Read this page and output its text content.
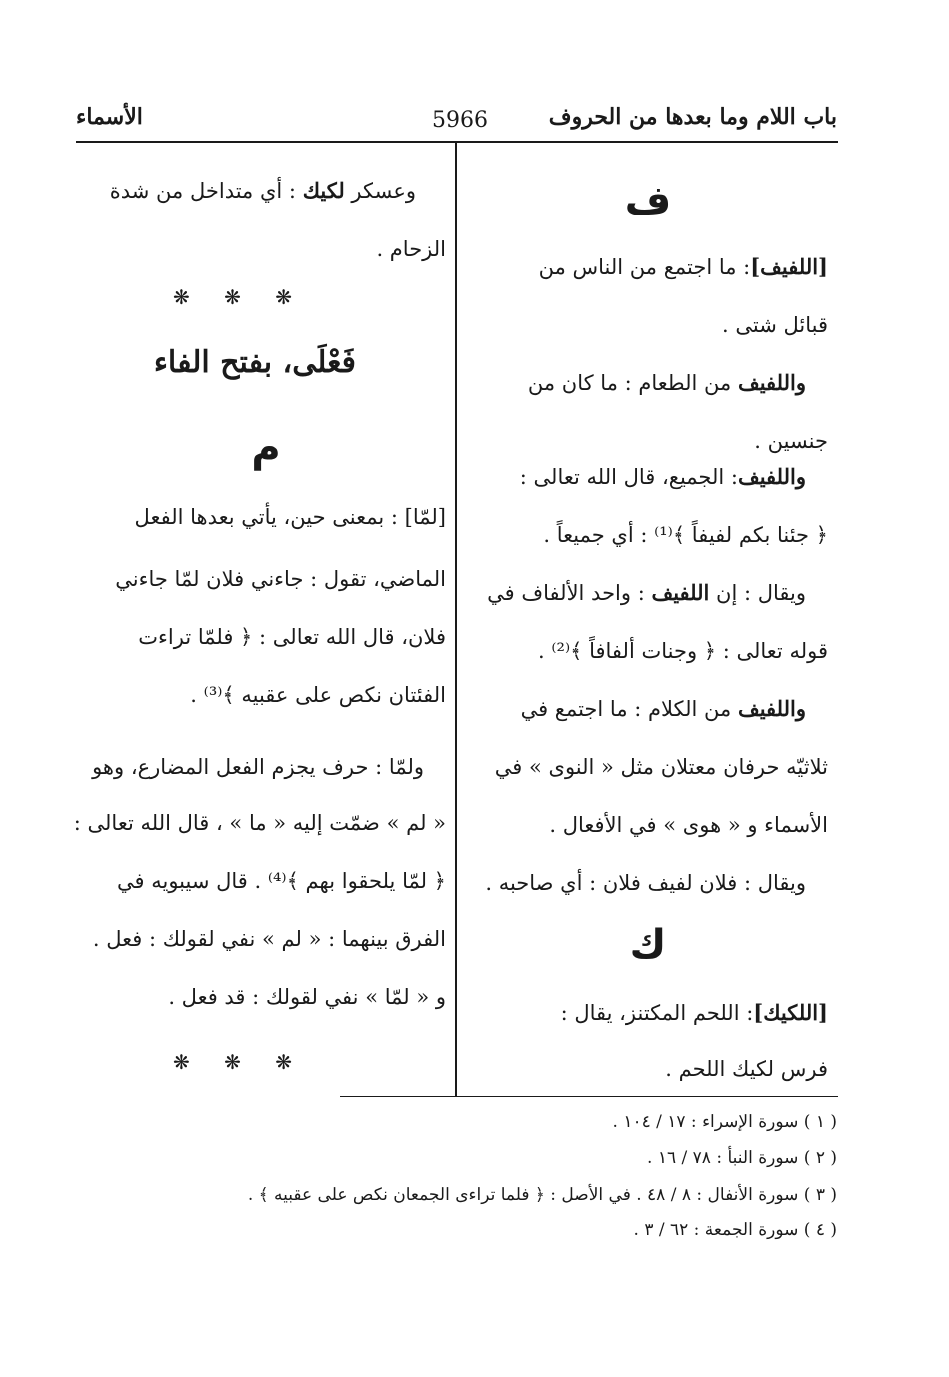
باب اللام وما بعدها من الحروف
5966
الأسماء
ف
[اللفيف]: ما اجتمع من الناس من
قبائل شتى .
واللفيف من الطعام : ما كان من
جنسين .
واللفيف: الجميع، قال الله تعالى :
﴿ جئنا بكم لفيفاً ﴾⁽¹⁾ : أي جميعاً .
ويقال : إن اللفيف : واحد الألفاف في
قوله تعالى : ﴿ وجنات ألفافاً ﴾⁽²⁾ .
واللفيف من الكلام : ما اجتمع في
ثلاثيّه حرفان معتلان مثل « النوى » في
الأسماء و « هوى » في الأفعال .
ويقال : فلان لفيف فلان : أي صاحبه .
ك
[اللكيك]: اللحم المكتنز، يقال :
فرس لكيك اللحم .
وعسكر لكيك : أي متداخل من شدة
الزحام .
❋ ❋ ❋
فَعْلَى، بفتح الفاء
م
[لمّا] : بمعنى حين، يأتي بعدها الفعل
الماضي، تقول : جاءني فلان لمّا جاءني
فلان، قال الله تعالى : ﴿ فلمّا تراءت
الفئتان نكص على عقبيه ﴾⁽³⁾ .
ولمّا : حرف يجزم الفعل المضارع، وهو
« لم » ضمّت إليه « ما » ، قال الله تعالى :
﴿ لمّا يلحقوا بهم ﴾⁽⁴⁾ . قال سيبويه في
الفرق بينهما : « لم » نفي لقولك : فعل .
و « لمّا » نفي لقولك : قد فعل .
❋ ❋ ❋
( ١ ) سورة الإسراء : ١٧ / ١٠٤ .
( ٢ ) سورة النبأ : ٧٨ / ١٦ .
( ٣ ) سورة الأنفال : ٨ / ٤٨ . في الأصل : ﴿ فلما تراءى الجمعان نكص على عقبيه ﴾ .
( ٤ ) سورة الجمعة : ٦٢ / ٣ .
